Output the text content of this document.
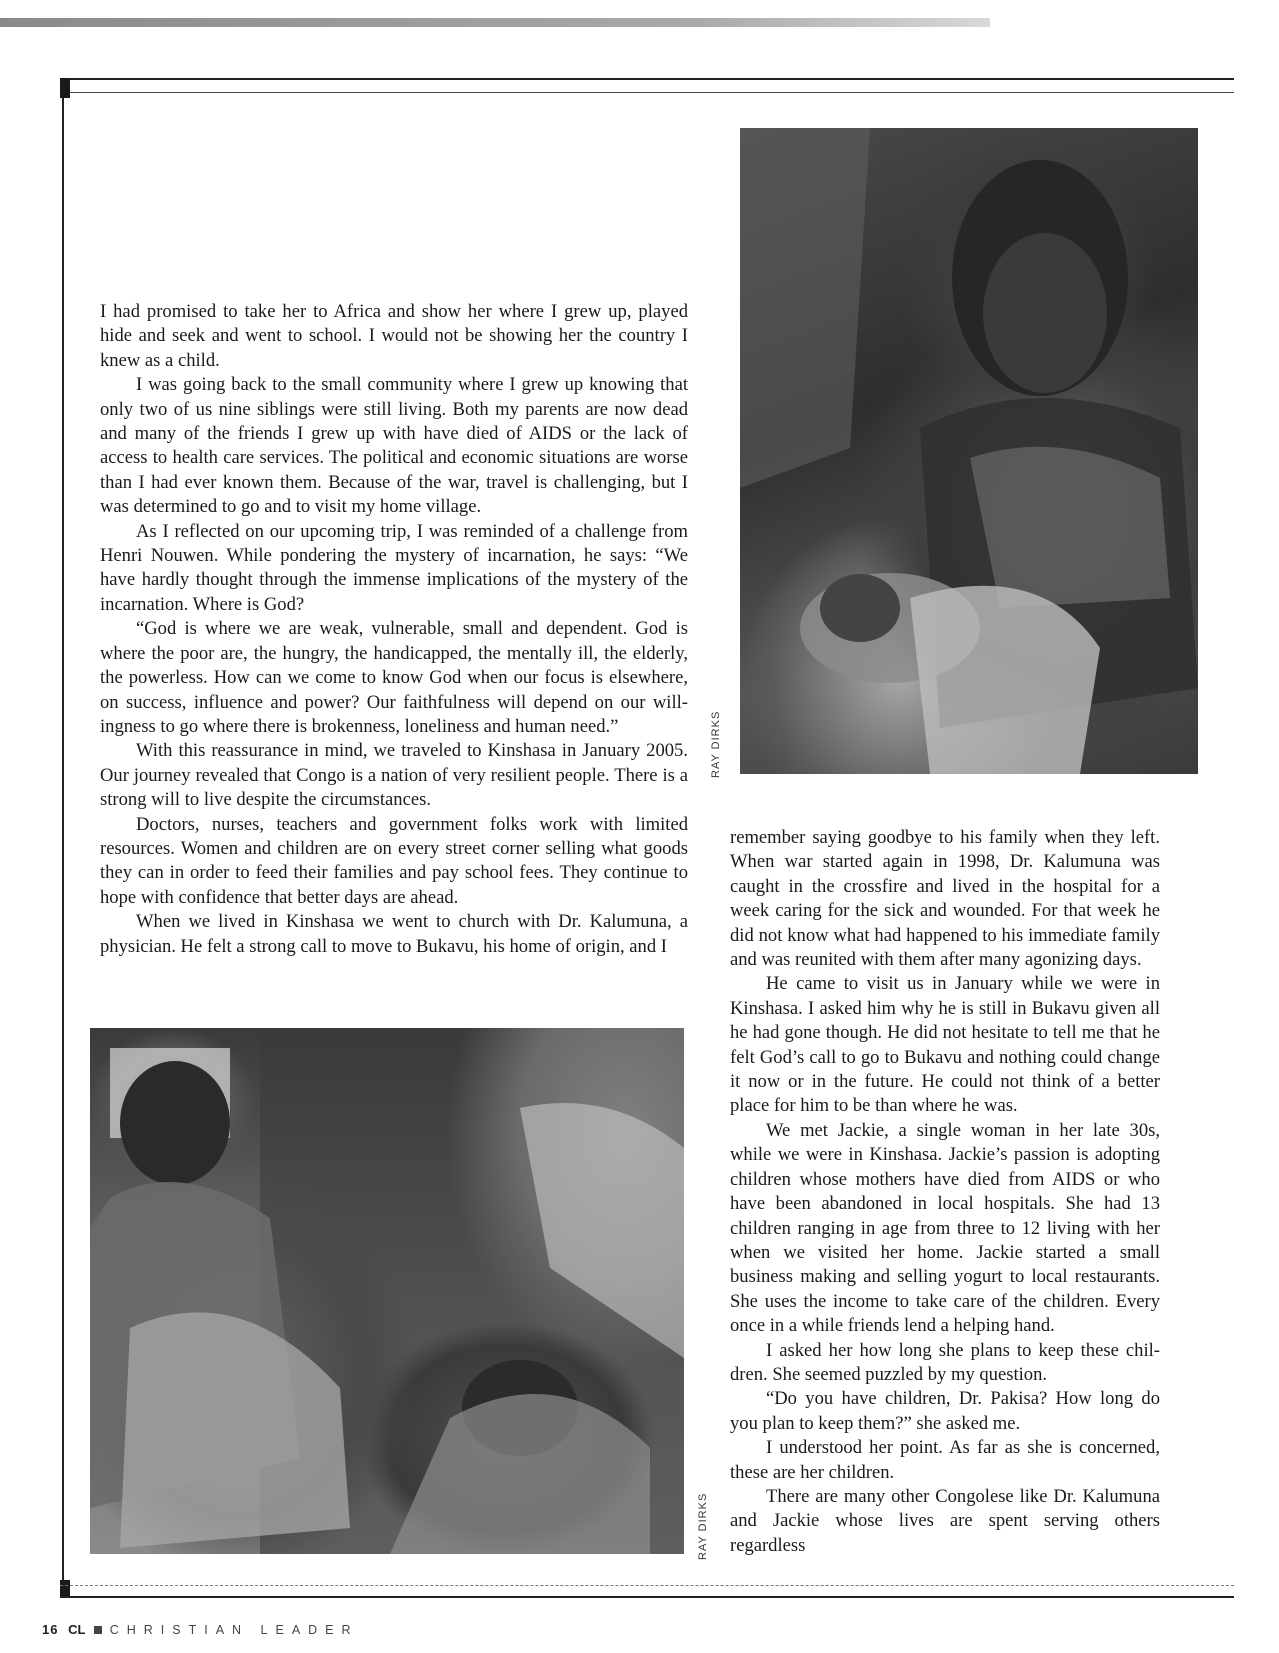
I had promised to take her to Africa and show her where I grew up, played hide and seek and went to school. I would not be showing her the country I knew as a child.

I was going back to the small community where I grew up knowing that only two of us nine siblings were still living. Both my parents are now dead and many of the friends I grew up with have died of AIDS or the lack of access to health care services. The political and economic situations are worse than I had ever known them. Because of the war, travel is challenging, but I was determined to go and to visit my home village.

As I reflected on our upcoming trip, I was reminded of a challenge from Henri Nouwen. While pondering the mystery of incarnation, he says: “We have hardly thought through the immense implications of the mystery of the incarnation. Where is God?

“God is where we are weak, vulnerable, small and dependent. God is where the poor are, the hungry, the handicapped, the mentally ill, the elderly, the powerless. How can we come to know God when our focus is elsewhere, on success, influence and power? Our faithfulness will depend on our willingness to go where there is brokenness, loneliness and human need.”

With this reassurance in mind, we traveled to Kinshasa in January 2005. Our journey revealed that Congo is a nation of very resilient people. There is a strong will to live despite the circumstances.

Doctors, nurses, teachers and government folks work with limited resources. Women and children are on every street corner selling what goods they can in order to feed their families and pay school fees. They continue to hope with confidence that better days are ahead.

When we lived in Kinshasa we went to church with Dr. Kalumuna, a physician. He felt a strong call to move to Bukavu, his home of origin, and I

RAY DIRKS
RAY DIRKS

remember saying goodbye to his family when they left. When war started again in 1998, Dr. Kalumuna was caught in the crossfire and lived in the hospital for a week caring for the sick and wounded. For that week he did not know what had happened to his immediate family and was reunited with them after many agonizing days.

He came to visit us in January while we were in Kinshasa. I asked him why he is still in Bukavu given all he had gone though. He did not hesitate to tell me that he felt God’s call to go to Bukavu and nothing could change it now or in the future. He could not think of a better place for him to be than where he was.

We met Jackie, a single woman in her late 30s, while we were in Kinshasa. Jackie’s passion is adopting children whose mothers have died from AIDS or who have been abandoned in local hospitals. She had 13 children ranging in age from three to 12 living with her when we visited her home. Jackie started a small business making and selling yogurt to local restaurants. She uses the income to take care of the children. Every once in a while friends lend a helping hand.

I asked her how long she plans to keep these children. She seemed puzzled by my question.

“Do you have children, Dr. Pakisa? How long do you plan to keep them?” she asked me.

I understood her point. As far as she is concerned, these are her children.

There are many other Congolese like Dr. Kalumuna and Jackie whose lives are spent serving others regardless

16 CL CHRISTIAN LEADER
